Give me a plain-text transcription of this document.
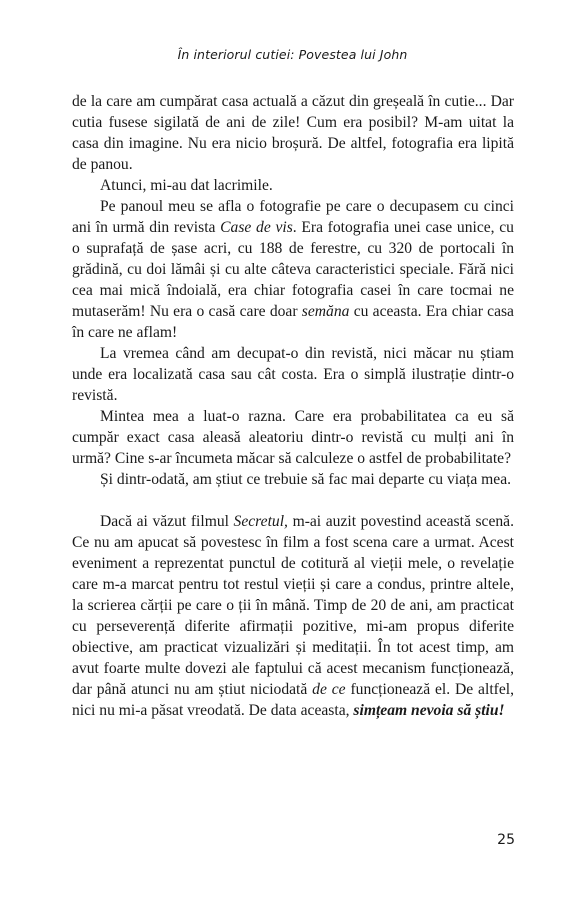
În interiorul cutiei: Povestea lui John

de la care am cumpărat casa actuală a căzut din greșeală în cutie... Dar cutia fusese sigilată de ani de zile! Cum era posibil? M-am uitat la casa din imagine. Nu era nicio broșură. De altfel, fotografia era lipită de panou.

Atunci, mi-au dat lacrimile.

Pe panoul meu se afla o fotografie pe care o decupasem cu cinci ani în urmă din revista Case de vis. Era fotografia unei case unice, cu o suprafață de șase acri, cu 188 de ferestre, cu 320 de portocali în grădină, cu doi lămâi și cu alte câteva caracteristici speciale. Fără nici cea mai mică îndoială, era chiar fotografia casei în care tocmai ne mutaserăm! Nu era o casă care doar semăna cu aceasta. Era chiar casa în care ne aflam!

La vremea când am decupat-o din revistă, nici măcar nu știam unde era localizată casa sau cât costa. Era o simplă ilustrație dintr-o revistă.

Mintea mea a luat-o razna. Care era probabilitatea ca eu să cumpăr exact casa aleasă aleatoriu dintr-o revistă cu mulți ani în urmă? Cine s-ar încumeta măcar să calculeze o astfel de probabilitate?

Și dintr-odată, am știut ce trebuie să fac mai departe cu viața mea.

Dacă ai văzut filmul Secretul, m-ai auzit povestind această scenă. Ce nu am apucat să povestesc în film a fost scena care a urmat. Acest eveniment a reprezentat punctul de cotitură al vieții mele, o revelație care m-a marcat pentru tot restul vieții și care a condus, printre altele, la scrierea cărții pe care o ții în mână. Timp de 20 de ani, am practicat cu perseverență diferite afirmații pozitive, mi-am propus diferite obiective, am practicat vizualizări și meditații. În tot acest timp, am avut foarte multe dovezi ale faptului că acest mecanism funcționează, dar până atunci nu am știut niciodată de ce funcționează el. De altfel, nici nu mi-a păsat vreodată. De data aceasta, simțeam nevoia să știu!

25
